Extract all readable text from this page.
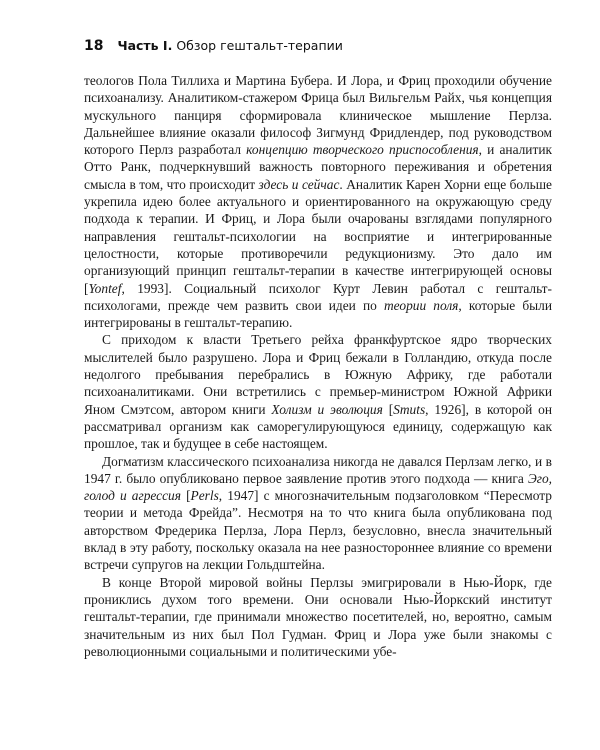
18 Часть I. Обзор гештальт-терапии

теологов Пола Тиллиха и Мартина Бубера. И Лора, и Фриц проходили обучение психоанализу. Аналитиком-стажером Фрица был Вильгельм Райх, чья концепция мускульного панциря сформировала клиническое мышление Перлза. Дальнейшее влияние оказали философ Зигмунд Фридлендер, под руководством которого Перлз разработал концепцию творческого приспособления, и аналитик Отто Ранк, подчеркнувший важность повторного переживания и обретения смысла в том, что происходит здесь и сейчас. Аналитик Карен Хорни еще больше укрепила идею более актуального и ориентированного на окружающую среду подхода к терапии. И Фриц, и Лора были очарованы взглядами популярного направления гештальт-психологии на восприятие и интегрированные целостности, которые противоречили редукционизму. Это дало им организующий принцип гештальт-терапии в качестве интегрирующей основы [Yontef, 1993]. Социальный психолог Курт Левин работал с гештальт-психологами, прежде чем развить свои идеи по теории поля, которые были интегрированы в гештальт-терапию.

С приходом к власти Третьего рейха франкфуртское ядро творческих мыслителей было разрушено. Лора и Фриц бежали в Голландию, откуда после недолгого пребывания перебрались в Южную Африку, где работали психоаналитиками. Они встретились с премьер-министром Южной Африки Яном Смэтсом, автором книги Холизм и эволюция [Smuts, 1926], в которой он рассматривал организм как саморегулирующуюся единицу, содержащую как прошлое, так и будущее в себе настоящем.

Догматизм классического психоанализа никогда не давался Перлзам легко, и в 1947 г. было опубликовано первое заявление против этого подхода — книга Эго, голод и агрессия [Perls, 1947] с многозначительным подзаголовком “Пересмотр теории и метода Фрейда”. Несмотря на то что книга была опубликована под авторством Фредерика Перлза, Лора Перлз, безусловно, внесла значительный вклад в эту работу, поскольку оказала на нее разностороннее влияние со времени встречи супругов на лекции Гольдштейна.

В конце Второй мировой войны Перлзы эмигрировали в Нью-Йорк, где прониклись духом того времени. Они основали Нью-Йоркский институт гештальт-терапии, где принимали множество посетителей, но, вероятно, самым значительным из них был Пол Гудман. Фриц и Лора уже были знакомы с революционными социальными и политическими убе-
